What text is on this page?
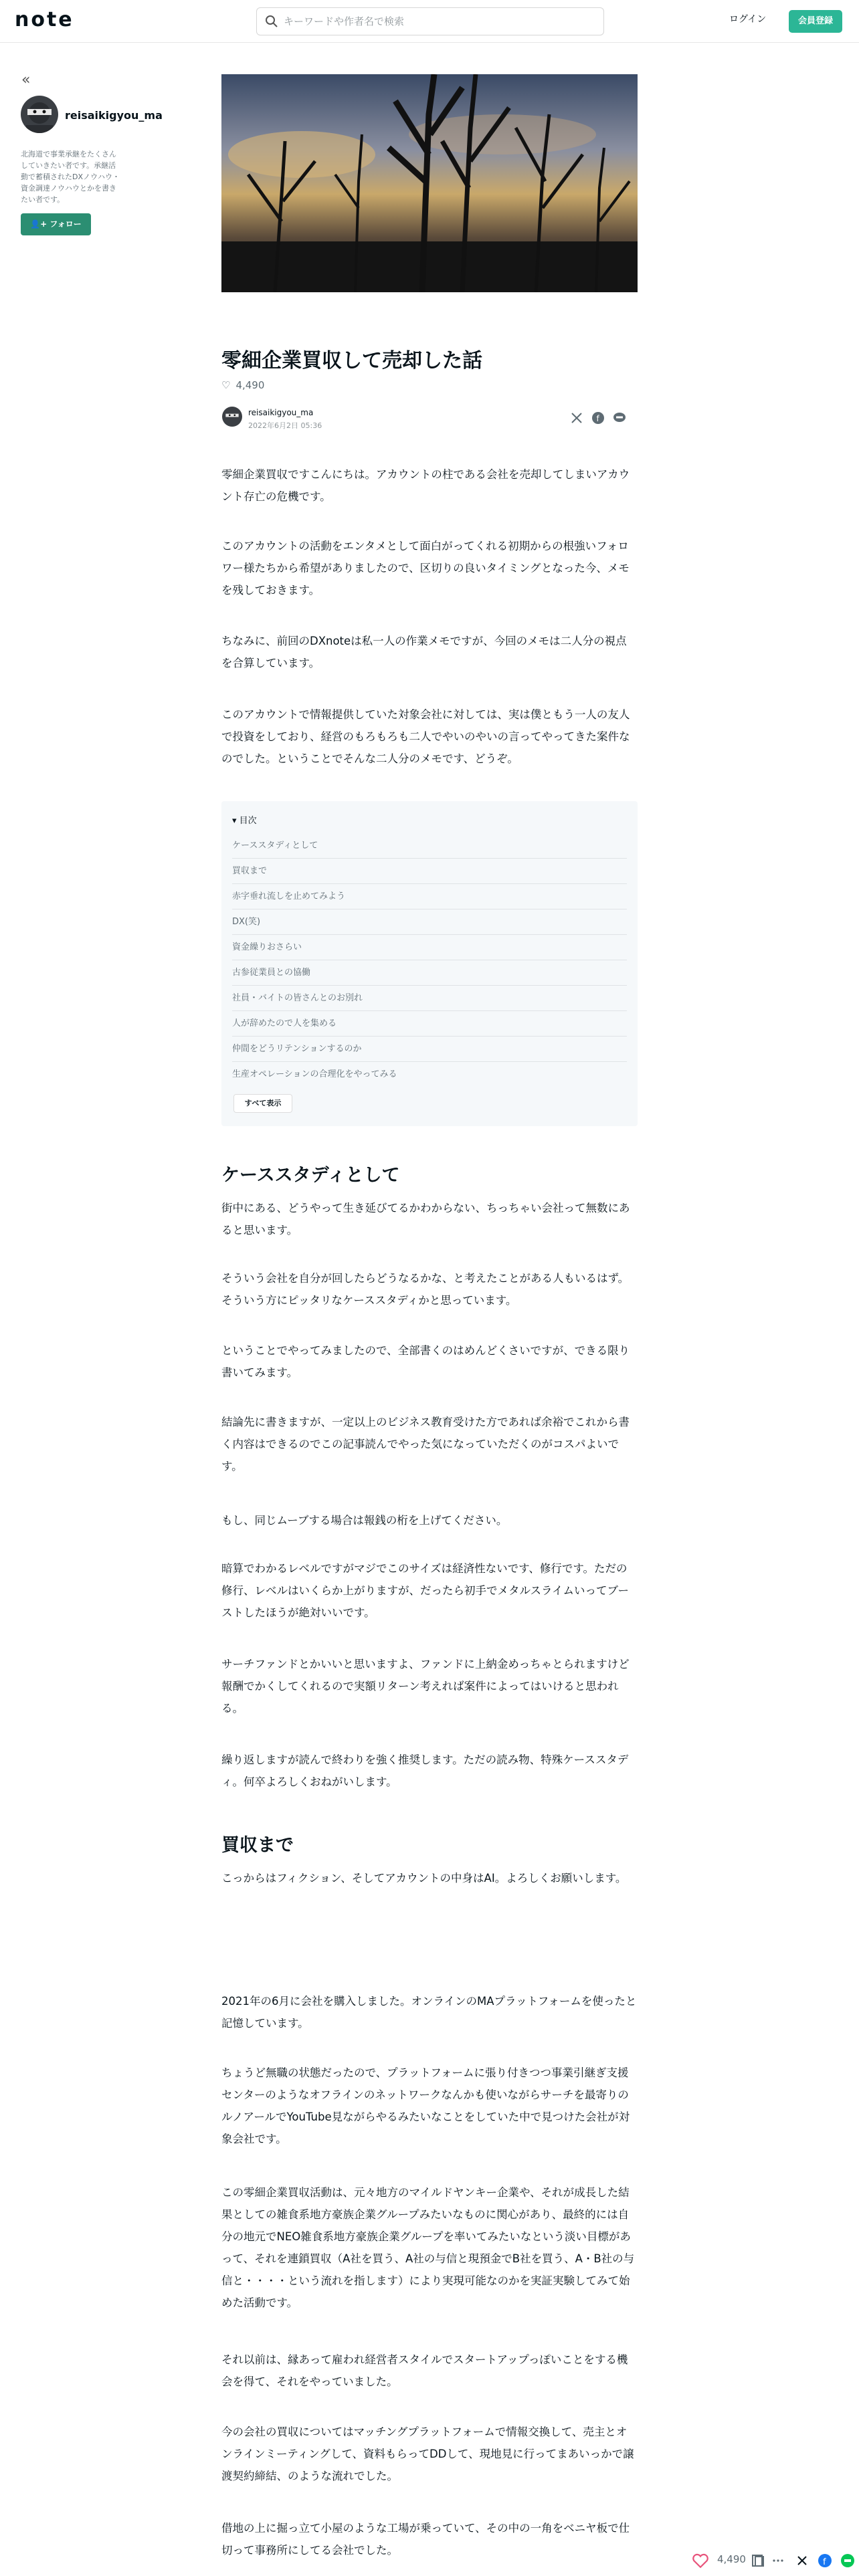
note
キーワードや作者名で検索	ログイン	会員登録
«
reisaikigyou_ma
北海道で事業承継をたくさんしていきたい者です。承継活動で蓄積されたDXノウハウ・資金調達ノウハウとかを書きたい者です。
👤+ フォロー
零細企業買収して売却した話
♡ 4,490
reisaikigyou_ma
2022年6月2日 05:36
f
零細企業買収ですこんにちは。アカウントの柱である会社を売却してしまいアカウント存亡の危機です。
このアカウントの活動をエンタメとして面白がってくれる初期からの根強いフォロワー様たちから希望がありましたので、区切りの良いタイミングとなった今、メモを残しておきます。
ちなみに、前回のDXnoteは私一人の作業メモですが、今回のメモは二人分の視点を合算しています。
このアカウントで情報提供していた対象会社に対しては、実は僕ともう一人の友人で投資をしており、経営のもろもろも二人でやいのやいの言ってやってきた案件なのでした。ということでそんな二人分のメモです、どうぞ。
▾ 目次
ケーススタディとして
買収まで
赤字垂れ流しを止めてみよう
DX(笑)
資金繰りおさらい
古参従業員との協働
社員・バイトの皆さんとのお別れ
人が辞めたので人を集める
仲間をどうリテンションするのか
生産オペレーションの合理化をやってみる
すべて表示
ケーススタディとして
街中にある、どうやって生き延びてるかわからない、ちっちゃい会社って無数にあると思います。
そういう会社を自分が回したらどうなるかな、と考えたことがある人もいるはず。そういう方にピッタリなケーススタディかと思っています。
ということでやってみましたので、全部書くのはめんどくさいですが、できる限り書いてみます。
結論先に書きますが、一定以上のビジネス教育受けた方であれば余裕でこれから書く内容はできるのでこの記事読んでやった気になっていただくのがコスパよいです。
もし、同じムーブする場合は報銭の桁を上げてください。
暗算でわかるレベルですがマジでこのサイズは経済性ないです、修行です。ただの修行、レベルはいくらか上がりますが、だったら初手でメタルスライムいってブーストしたほうが絶対いいです。
サーチファンドとかいいと思いますよ、ファンドに上納金めっちゃとられますけど報酬でかくしてくれるので実額リターン考えれば案件によってはいけると思われる。
繰り返しますが読んで終わりを強く推奨します。ただの読み物、特殊ケーススタディ。何卒よろしくおねがいします。
買収まで
こっからはフィクション、そしてアカウントの中身はAI。よろしくお願いします。
2021年の6月に会社を購入しました。オンラインのMAプラットフォームを使ったと記憶しています。
ちょうど無職の状態だったので、プラットフォームに張り付きつつ事業引継ぎ支援センターのようなオフラインのネットワークなんかも使いながらサーチを最寄りのルノアールでYouTube見ながらやるみたいなことをしていた中で見つけた会社が対象会社です。
この零細企業買収活動は、元々地方のマイルドヤンキー企業や、それが成長した結果としての雑食系地方豪族企業グループみたいなものに関心があり、最終的には自分の地元でNEO雑食系地方豪族企業グループを率いてみたいなという淡い目標があって、それを連鎖買収（A社を買う、A社の与信と現預金でB社を買う、A・B社の与信と・・・・という流れを指します）により実現可能なのかを実証実験してみて始めた活動です。
それ以前は、縁あって雇われ経営者スタイルでスタートアップっぽいことをする機会を得て、それをやっていました。
今の会社の買収についてはマッチングプラットフォームで情報交換して、売主とオンラインミーティングして、資料もらってDDして、現地見に行ってまあいっかで譲渡契約締結、のような流れでした。
借地の上に掘っ立て小屋のような工場が乗っていて、その中の一角をベニヤ板で仕切って事務所にしてる会社でした。
4,490	f
